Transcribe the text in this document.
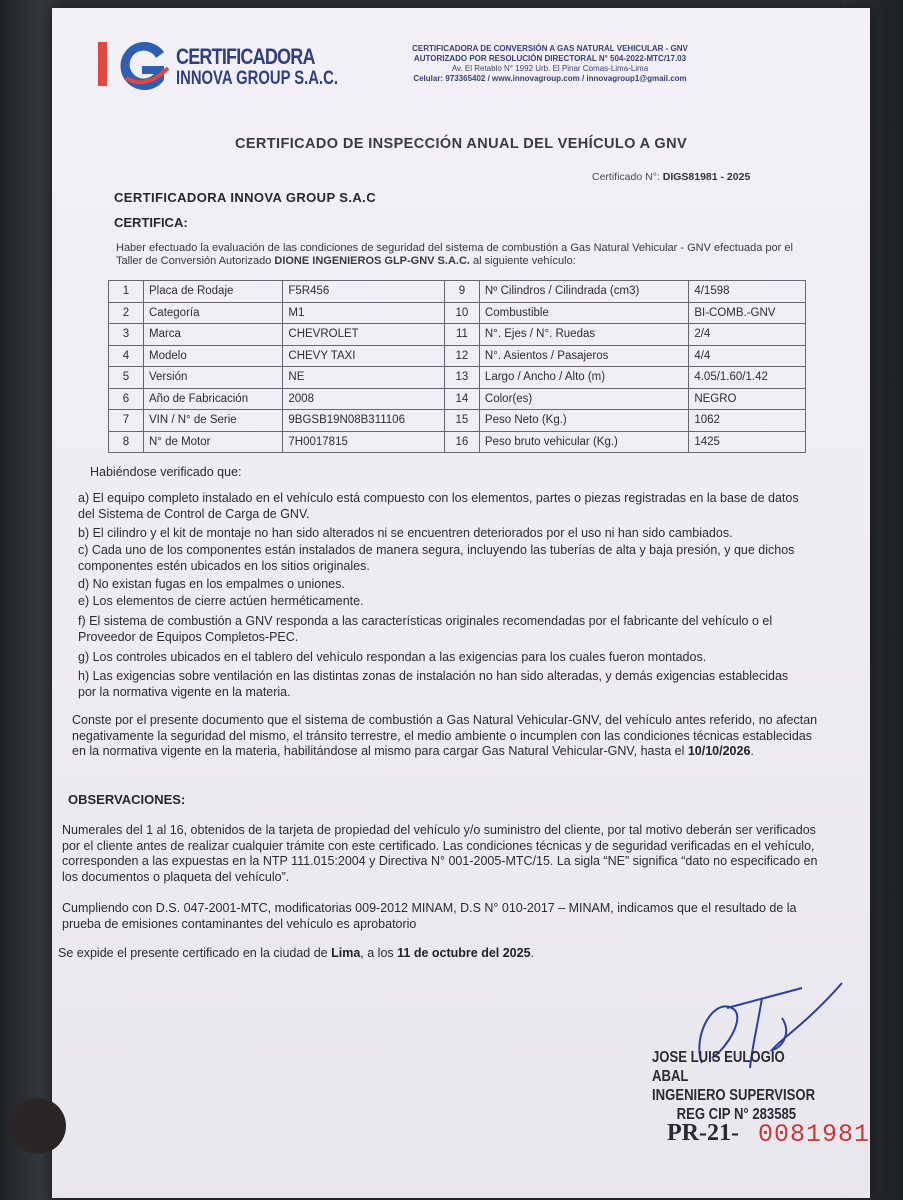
CERTIFICADORA
INNOVA GROUP S.A.C.
CERTIFICADORA DE CONVERSIÓN A GAS NATURAL VEHICULAR - GNV
AUTORIZADO POR RESOLUCIÓN DIRECTORAL N° 504-2022-MTC/17.03
Av. El Retablo N° 1992 Urb. El Pinar Comas-Lima-Lima
Celular: 973365402 / www.innovagroup.com / innovagroup1@gmail.com
CERTIFICADO DE INSPECCIÓN ANUAL DEL VEHÍCULO A GNV
Certificado N°: DIGS81981 - 2025
CERTIFICADORA INNOVA GROUP S.A.C
CERTIFICA:
Haber efectuado la evaluación de las condiciones de seguridad del sistema de combustión a Gas Natural Vehicular - GNV efectuada por el Taller de Conversión Autorizado DIONE INGENIEROS GLP-GNV S.A.C. al siguiente vehículo:
1	Placa de Rodaje	F5R456	9	Nº Cilindros / Cilindrada (cm3)	4/1598
2	Categoría	M1	10	Combustible	BI-COMB.-GNV
3	Marca	CHEVROLET	11	N°. Ejes / N°. Ruedas	2/4
4	Modelo	CHEVY TAXI	12	N°. Asientos / Pasajeros	4/4
5	Versión	NE	13	Largo / Ancho / Alto (m)	4.05/1.60/1.42
6	Año de Fabricación	2008	14	Color(es)	NEGRO
7	VIN / N° de Serie	9BGSB19N08B311106	15	Peso Neto (Kg.)	1062
8	N° de Motor	7H0017815	16	Peso bruto vehicular (Kg.)	1425
Habiéndose verificado que:
a) El equipo completo instalado en el vehículo está compuesto con los elementos, partes o piezas registradas en la base de datos del Sistema de Control de Carga de GNV.
b) El cilindro y el kit de montaje no han sido alterados ni se encuentren deteriorados por el uso ni han sido cambiados.
c) Cada uno de los componentes están instalados de manera segura, incluyendo las tuberías de alta y baja presión, y que dichos componentes estén ubicados en los sitios originales.
d) No existan fugas en los empalmes o uniones.
e) Los elementos de cierre actúen herméticamente.
f) El sistema de combustión a GNV responda a las características originales recomendadas por el fabricante del vehículo o el Proveedor de Equipos Completos-PEC.
g) Los controles ubicados en el tablero del vehículo respondan a las exigencias para los cuales fueron montados.
h) Las exigencias sobre ventilación en las distintas zonas de instalación no han sido alteradas, y demás exigencias establecidas por la normativa vigente en la materia.
Conste por el presente documento que el sistema de combustión a Gas Natural Vehicular-GNV, del vehículo antes referido, no afectan negativamente la seguridad del mismo, el tránsito terrestre, el medio ambiente o incumplen con las condiciones técnicas establecidas en la normativa vigente en la materia, habilitándose al mismo para cargar Gas Natural Vehicular-GNV, hasta el 10/10/2026.
OBSERVACIONES:
Numerales del 1 al 16, obtenidos de la tarjeta de propiedad del vehículo y/o suministro del cliente, por tal motivo deberán ser verificados por el cliente antes de realizar cualquier trámite con este certificado. Las condiciones técnicas y de seguridad verificadas en el vehículo, corresponden a las expuestas en la NTP 111.015:2004 y Directiva N° 001-2005-MTC/15. La sigla “NE” significa “dato no especificado en los documentos o plaqueta del vehículo”.
Cumpliendo con D.S. 047-2001-MTC, modificatorias 009-2012 MINAM, D.S N° 010-2017 – MINAM, indicamos que el resultado de la prueba de emisiones contaminantes del vehículo es aprobatorio
Se expide el presente certificado en la ciudad de Lima, a los 11 de octubre del 2025.
JOSE LUIS EULOGIO ABAL
INGENIERO SUPERVISOR
REG CIP N° 283585
PR-21- 0081981
